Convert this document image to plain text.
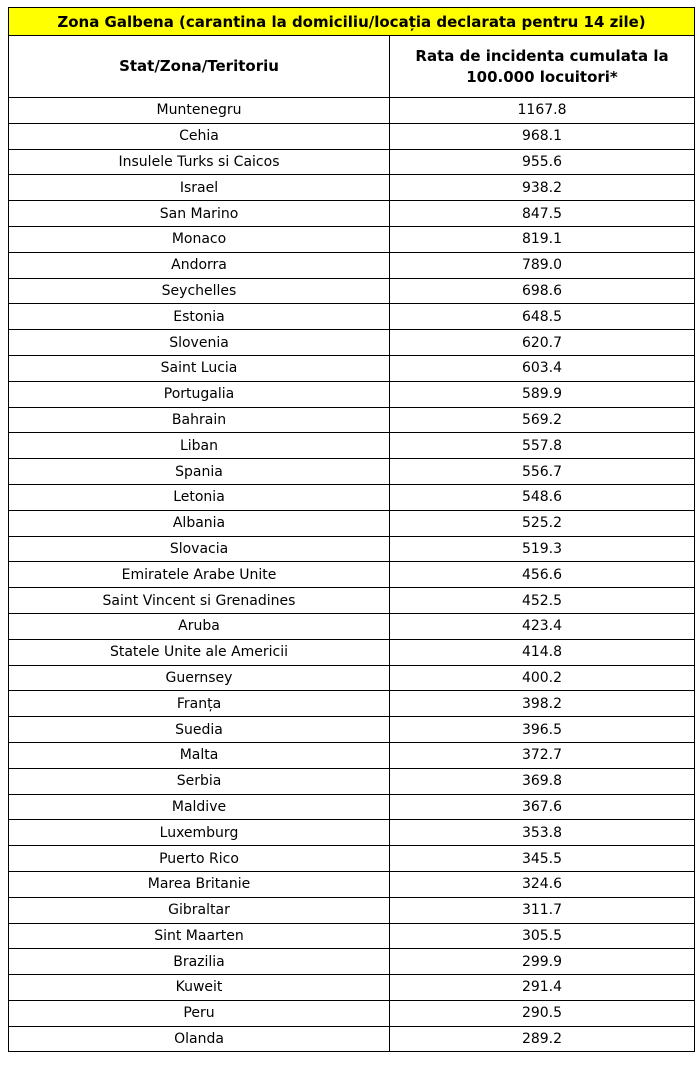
Zona Galbena (carantina la domiciliu/locația declarata pentru 14 zile)	
Stat/Zona/Teritoriu	Rata de incidenta cumulata la
100.000 locuitori*
Muntenegru	1167.8
Cehia	968.1
Insulele Turks si Caicos	955.6
Israel	938.2
San Marino	847.5
Monaco	819.1
Andorra	789.0
Seychelles	698.6
Estonia	648.5
Slovenia	620.7
Saint Lucia	603.4
Portugalia	589.9
Bahrain	569.2
Liban	557.8
Spania	556.7
Letonia	548.6
Albania	525.2
Slovacia	519.3
Emiratele Arabe Unite	456.6
Saint Vincent si Grenadines	452.5
Aruba	423.4
Statele Unite ale Americii	414.8
Guernsey	400.2
Franța	398.2
Suedia	396.5
Malta	372.7
Serbia	369.8
Maldive	367.6
Luxemburg	353.8
Puerto Rico	345.5
Marea Britanie	324.6
Gibraltar	311.7
Sint Maarten	305.5
Brazilia	299.9
Kuweit	291.4
Peru	290.5
Olanda	289.2
